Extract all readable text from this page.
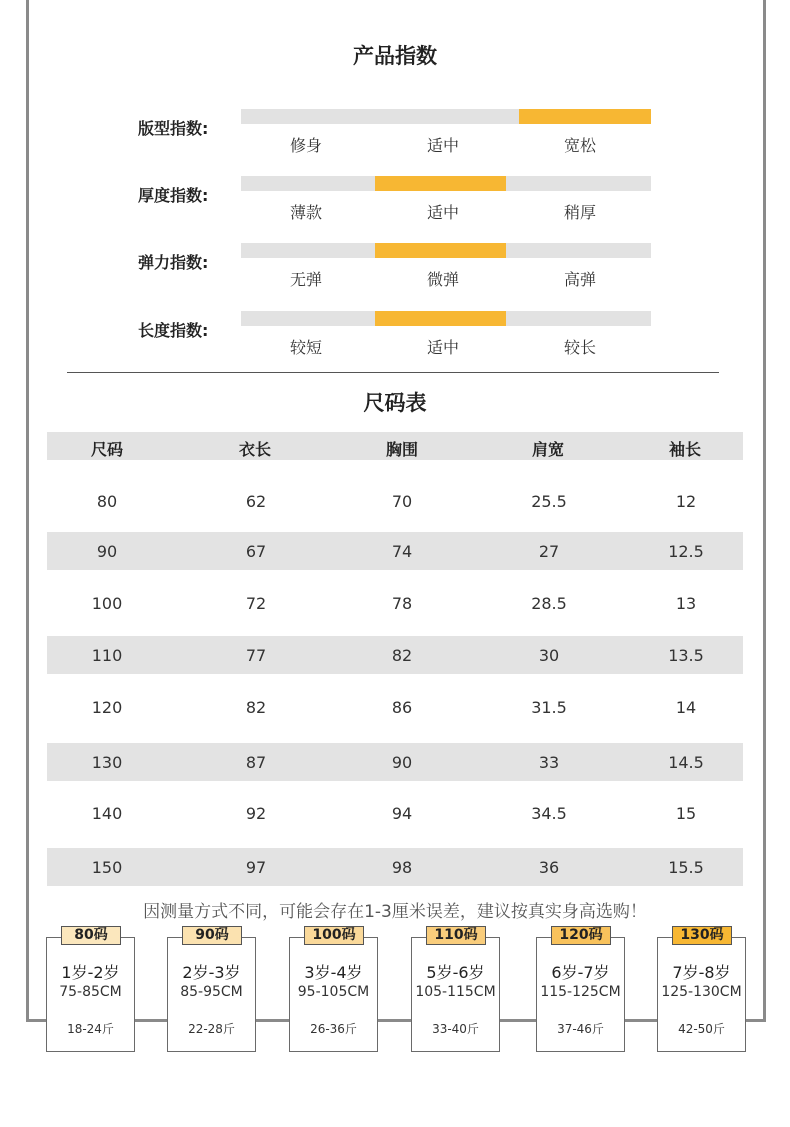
产品指数
版型指数:
修身	适中	宽松
厚度指数:
薄款	适中	稍厚
弹力指数:
无弹	微弹	高弹
长度指数:
较短	适中	较长
尺码表
尺码	衣长	胸围	肩宽	袖长
80	62	70	25.5	12
90	67	74	27	12.5
100	72	78	28.5	13
110	77	82	30	13.5
120	82	86	31.5	14
130	87	90	33	14.5
140	92	94	34.5	15
150	97	98	36	15.5
因测量方式不同，可能会存在1-3厘米误差，建议按真实身高选购！
1岁-2岁
75-85CM
18-24斤
80码
2岁-3岁
85-95CM
22-28斤
90码
3岁-4岁
95-105CM
26-36斤
100码
5岁-6岁
105-115CM
33-40斤
110码
6岁-7岁
115-125CM
37-46斤
120码
7岁-8岁
125-130CM
42-50斤
130码
